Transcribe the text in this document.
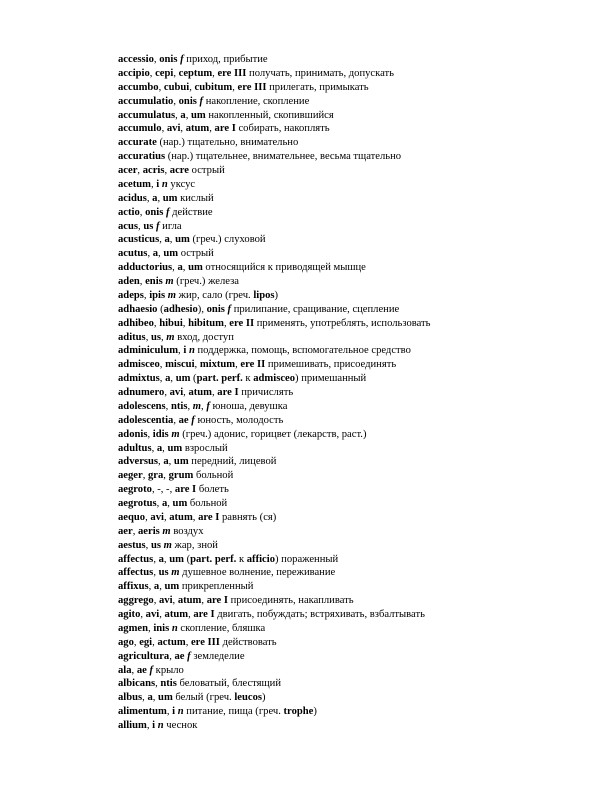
accessio, onis f приход, прибытие
accipio, cepi, ceptum, ere III получать, принимать, допускать
accumbo, cubui, cubitum, ere III прилегать, примыкать
accumulatio, onis f накопление, скопление
accumulatus, a, um накопленный, скопившийся
accumulo, avi, atum, are I собирать, накоплять
accurate (нар.) тщательно, внимательно
accuratius (нар.) тщательнее, внимательнее, весьма тщательно
acer, acris, acre острый
acetum, i n уксус
acidus, a, um кислый
actio, onis f действие
acus, us f игла
acusticus, a, um (греч.) слуховой
acutus, a, um острый
adductorius, a, um относящийся к приводящей мышце
aden, enis m (греч.) железа
adeps, ipis m жир, сало (греч. lipos)
adhaesio (adhesio), onis f прилипание, сращивание, сцепление
adhibeo, hibui, hibitum, ere II применять, употреблять, использовать
aditus, us, m вход, доступ
adminiculum, i n поддержка, помощь, вспомогательное средство
admisceo, miscui, mixtum, ere II примешивать, присоединять
admixtus, a, um (part. perf. к admisceo) примешанный
adnumero, avi, atum, are I причислять
adolescens, ntis, m, f юноша, девушка
adolescentia, ae f юность, молодость
adonis, idis m (греч.) адонис, горицвет (лекарств, раст.)
adultus, a, um взрослый
adversus, a, um передний, лицевой
aeger, gra, grum больной
aegroto, -, -, are I болеть
aegrotus, a, um больной
aequo, avi, atum, are I равнять (ся)
aer, aeris m воздух
aestus, us m жар, зной
affectus, a, um (part. perf. к afficio) пораженный
affectus, us m душевное волнение, переживание
affixus, a, um прикрепленный
aggrego, avi, atum, are I присоединять, накапливать
agito, avi, atum, are I двигать, побуждать; встряхивать, взбалтывать
agmen, inis n скопление, бляшка
ago, egi, actum, ere III действовать
agricultura, ae f земледелие
ala, ae f крыло
albicans, ntis беловатый, блестящий
albus, a, um белый (греч. leucos)
alimentum, i n питание, пища (греч. trophe)
allium, i n чеснок
